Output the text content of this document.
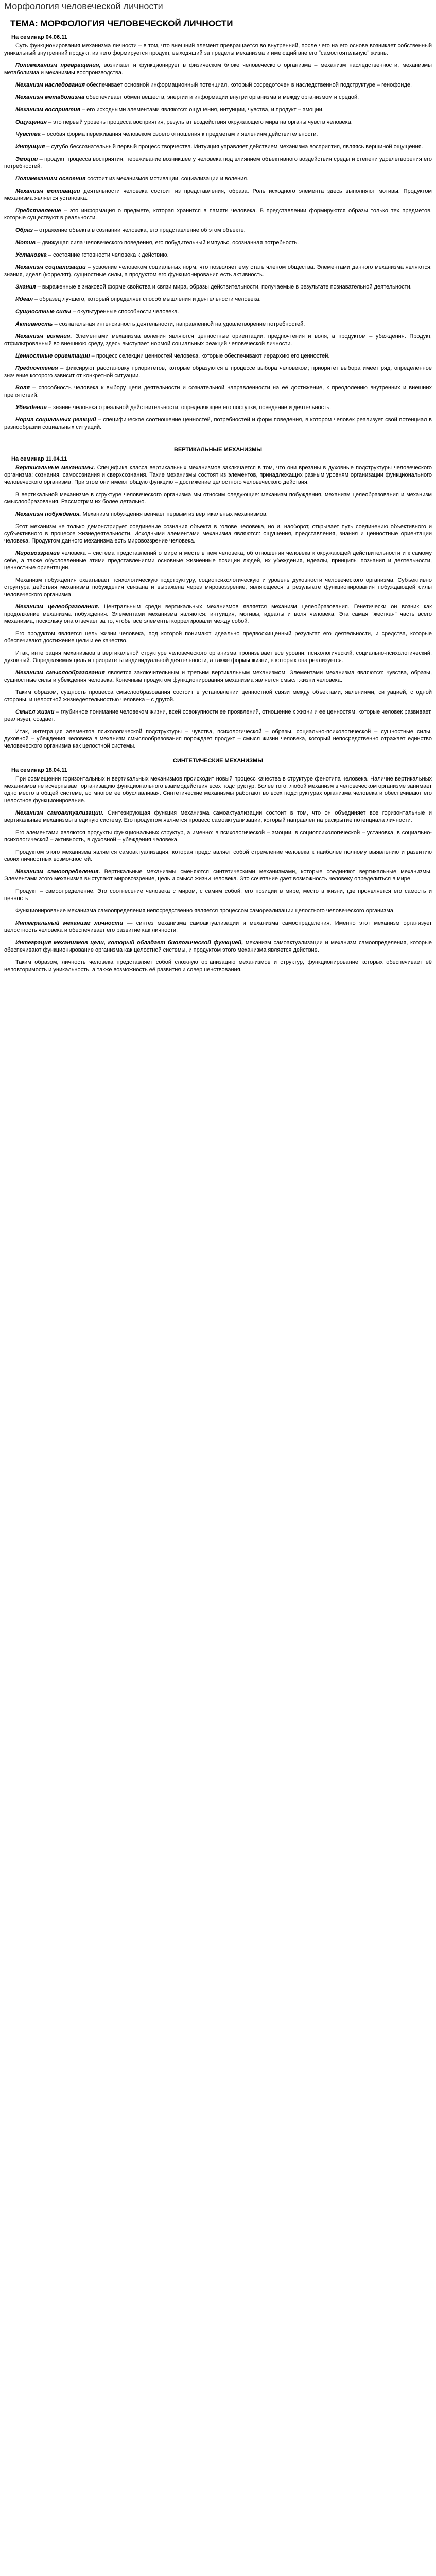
Морфология человеческой личности
ТЕМА: МОРФОЛОГИЯ ЧЕЛОВЕЧЕСКОЙ ЛИЧНОСТИ
На семинар 04.06.11

Суть функционирования механизма личности – в том, что внешний элемент превращается во внутренний, после чего на его основе возникает собственный уникальный внутренний продукт, из него формируется продукт, выходящий за пределы механизма и имеющий вне его "самостоятельную" жизнь.

Полимеханизм превращения, возникает и функционирует в физическом блоке человеческого организма – механизм наследственности, механизмы метаболизма и механизмы воспроизводства.

Механизм наследования обеспечивает основной информационный потенциал, который сосредоточен в наследственной подструктуре – генофонде.

Механизм метаболизма обеспечивает обмен веществ, энергии и информации внутри организма и между организмом и средой.

Механизм восприятия – его исходными элементами являются: ощущения, интуиции, чувства, и продукт – эмоции.

Ощущения – это первый уровень процесса восприятия, результат воздействия окружающего мира на органы чувств человека.

Чувства – особая форма переживания человеком своего отношения к предметам и явлениям действительности.

Интуиция – сугубо бессознательный первый процесс творчества. Интуиция управляет действием механизма восприятия, являясь вершиной ощущения.

Эмоции – продукт процесса восприятия, переживание возникшее у человека под влиянием объективного воздействия среды и степени удовлетворения его потребностей.

Полимеханизм освоения состоит из механизмов мотивации, социализации и воления.

Механизм мотивации деятельности человека состоит из представления, образа. Роль исходного элемента здесь выполняют мотивы. Продуктом механизма является установка.

Представление – это информация о предмете, которая хранится в памяти человека. В представлении формируются образы только тех предметов, которые существуют в реальности.

Образ – отражение объекта в сознании человека, его представление об этом объекте.

Мотив – движущая сила человеческого поведения, его побудительный импульс, осознанная потребность.

Установка – состояние готовности человека к действию.

Механизм социализации – усвоение человеком социальных норм, что позволяет ему стать членом общества. Элементами данного механизма являются: знания, идеал (коррелят), сущностные силы, а продуктом его функционирования есть активность.

Знания – выраженные в знаковой форме свойства и связи мира, образы действительности, получаемые в результате познавательной деятельности.

Идеал – образец лучшего, который определяет способ мышления и деятельности человека.

Сущностные силы – окультуренные способности человека.

Активность – сознательная интенсивность деятельности, направленной на удовлетворение потребностей.

Механизм воления. Элементами механизма воления являются ценностные ориентации, предпочтения и воля, а продуктом – убеждения. Продукт, отфильтрованный во внешнюю среду, здесь выступает нормой социальных реакций человеческой личности.

Ценностные ориентации – процесс селекции ценностей человека, которые обеспечивают иерархию его ценностей.

Предпочтения – фиксируют расстановку приоритетов, которые образуются в процессе выбора человеком; приоритет выбора имеет ряд, определенное значение которого зависит от конкретной ситуации.

Воля – способность человека к выбору цели деятельности и сознательной направленности на её достижение, к преодолению внутренних и внешних препятствий.

Убеждения – знание человека о реальной действительности, определяющее его поступки, поведение и деятельность.

Норма социальных реакций – специфическое соотношение ценностей, потребностей и форм поведения, в котором человек реализует свой потенциал в разнообразии социальных ситуаций.

ВЕРТИКАЛЬНЫЕ МЕХАНИЗМЫ
На семинар 11.04.11

Вертикальные механизмы. Специфика класса вертикальных механизмов заключается в том, что они врезаны в духовные подструктуры человеческого организма: сознания, самосознания и сверхсознания. Такие механизмы состоят из элементов, принадлежащих разным уровням организации функционального человеческого организма. При этом они имеют общую функцию – достижение целостного человеческого действия.

В вертикальной механизме в структуре человеческого организма мы относим следующие: механизм побуждения, механизм целеобразования и механизм смыслообразования. Рассмотрим их более детально.

Механизм побуждения. Механизм побуждения венчает первым из вертикальных механизмов.

Этот механизм не только демонстрирует соединение сознания объекта в голове человека, но и, наоборот, открывает путь соединению объективного и субъективного в процессе жизнедеятельности. Исходными элементами механизма являются: ощущения, представления, знания и ценностные ориентации человека. Продуктом данного механизма есть мировоззрение человека.

Мировоззрение человека – система представлений о мире и месте в нем человека, об отношении человека к окружающей действительности и к самому себе, а также обусловленные этими представлениями основные жизненные позиции людей, их убеждения, идеалы, принципы познания и деятельности, ценностные ориентации.

Механизм побуждения охватывает психологическую подструктуру, социопсихологическую и уровень духовности человеческого организма. Субъективно структура действия механизма побуждения связана и выражена через мировоззрение, являющееся в результате функционирования побуждающей силы человеческого организма.

Механизм целеобразования. Центральным среди вертикальных механизмов является механизм целеобразования. Генетически он возник как продолжение механизма побуждения. Элементами механизма являются: интуиция, мотивы, идеалы и воля человека. Эта самая "жесткая" часть всего механизма, поскольку она отвечает за то, чтобы все элементы коррелировали между собой.

Его продуктом является цель жизни человека, под которой понимают идеально предвосхищенный результат его деятельности, и средства, которые обеспечивают достижение цели и ее качество.

Итак, интеграция механизмов в вертикальной структуре человеческого организма пронизывает все уровни: психологический, социально-психологический, духовный. Определяемая цель и приоритеты индивидуальной деятельности, а также формы жизни, в которых она реализуется.

Механизм смыслообразования является заключительным и третьим вертикальным механизмом. Элементами механизма являются: чувства, образы, сущностные силы и убеждения человека. Конечным продуктом функционирования механизма является смысл жизни человека.

Таким образом, сущность процесса смыслообразования состоит в установлении ценностной связи между объектами, явлениями, ситуацией, с одной стороны, и целостной жизнедеятельностью человека – с другой.

Смысл жизни – глубинное понимание человеком жизни, всей совокупности ее проявлений, отношение к жизни и ее ценностям, которые человек развивает, реализует, создает.

Итак, интеграция элементов психологической подструктуры – чувства, психологической – образы, социально-психологической – сущностные силы, духовной – убеждения человека в механизм смыслообразования порождает продукт – смысл жизни человека, который непосредственно отражает единство человеческого организма как целостной системы.

СИНТЕТИЧЕСКИЕ МЕХАНИЗМЫ
На семинар 18.04.11

При совмещении горизонтальных и вертикальных механизмов происходит новый процесс качества в структуре фенотипа человека. Наличие вертикальных механизмов не исчерпывает организацию функционального взаимодействия всех подструктур. Более того, любой механизм в человеческом организме занимает одно место в общей системе, во многом ее обуславливая. Синтетические механизмы работают во всех подструктурах организма человека и обеспечивают его целостное функционирование.

Механизм самоактуализации. Синтезирующая функция механизма самоактуализации состоит в том, что он объединяет все горизонтальные и вертикальные механизмы в единую систему. Его продуктом является процесс самоактуализации, который направлен на раскрытие потенциала личности.

Его элементами являются продукты функциональных структур, а именно: в психологической – эмоции, в социопсихологической – установка, в социально-психологической – активность, в духовной – убеждения человека.

Продуктом этого механизма является самоактуализация, которая представляет собой стремление человека к наиболее полному выявлению и развитию своих личностных возможностей.

Механизм самоопределения. Вертикальные механизмы сменяются синтетическими механизмами, которые соединяют вертикальные механизмы. Элементами этого механизма выступают мировоззрение, цель и смысл жизни человека. Это сочетание дает возможность человеку определиться в мире.

Продукт – самоопределение. Это соотнесение человека с миром, с самим собой, его позиции в мире, место в жизни, где проявляется его самость и ценность.

Функционирование механизма самоопределения непосредственно является процессом самореализации целостного человеческого организма.

Интегральный механизм личности — синтез механизма самоактуализации и механизма самоопределения. Именно этот механизм организует целостность человека и обеспечивает его развитие как личности.

Интеграция механизмов цели, который обладает биологической функцией, механизм самоактуализации и механизм самоопределения, которые обеспечивают функционирование организма как целостной системы, и продуктом этого механизма является действие.

Таким образом, личность человека представляет собой сложную организацию механизмов и структур, функционирование которых обеспечивает её неповторимость и уникальность, а также возможность её развития и совершенствования.
